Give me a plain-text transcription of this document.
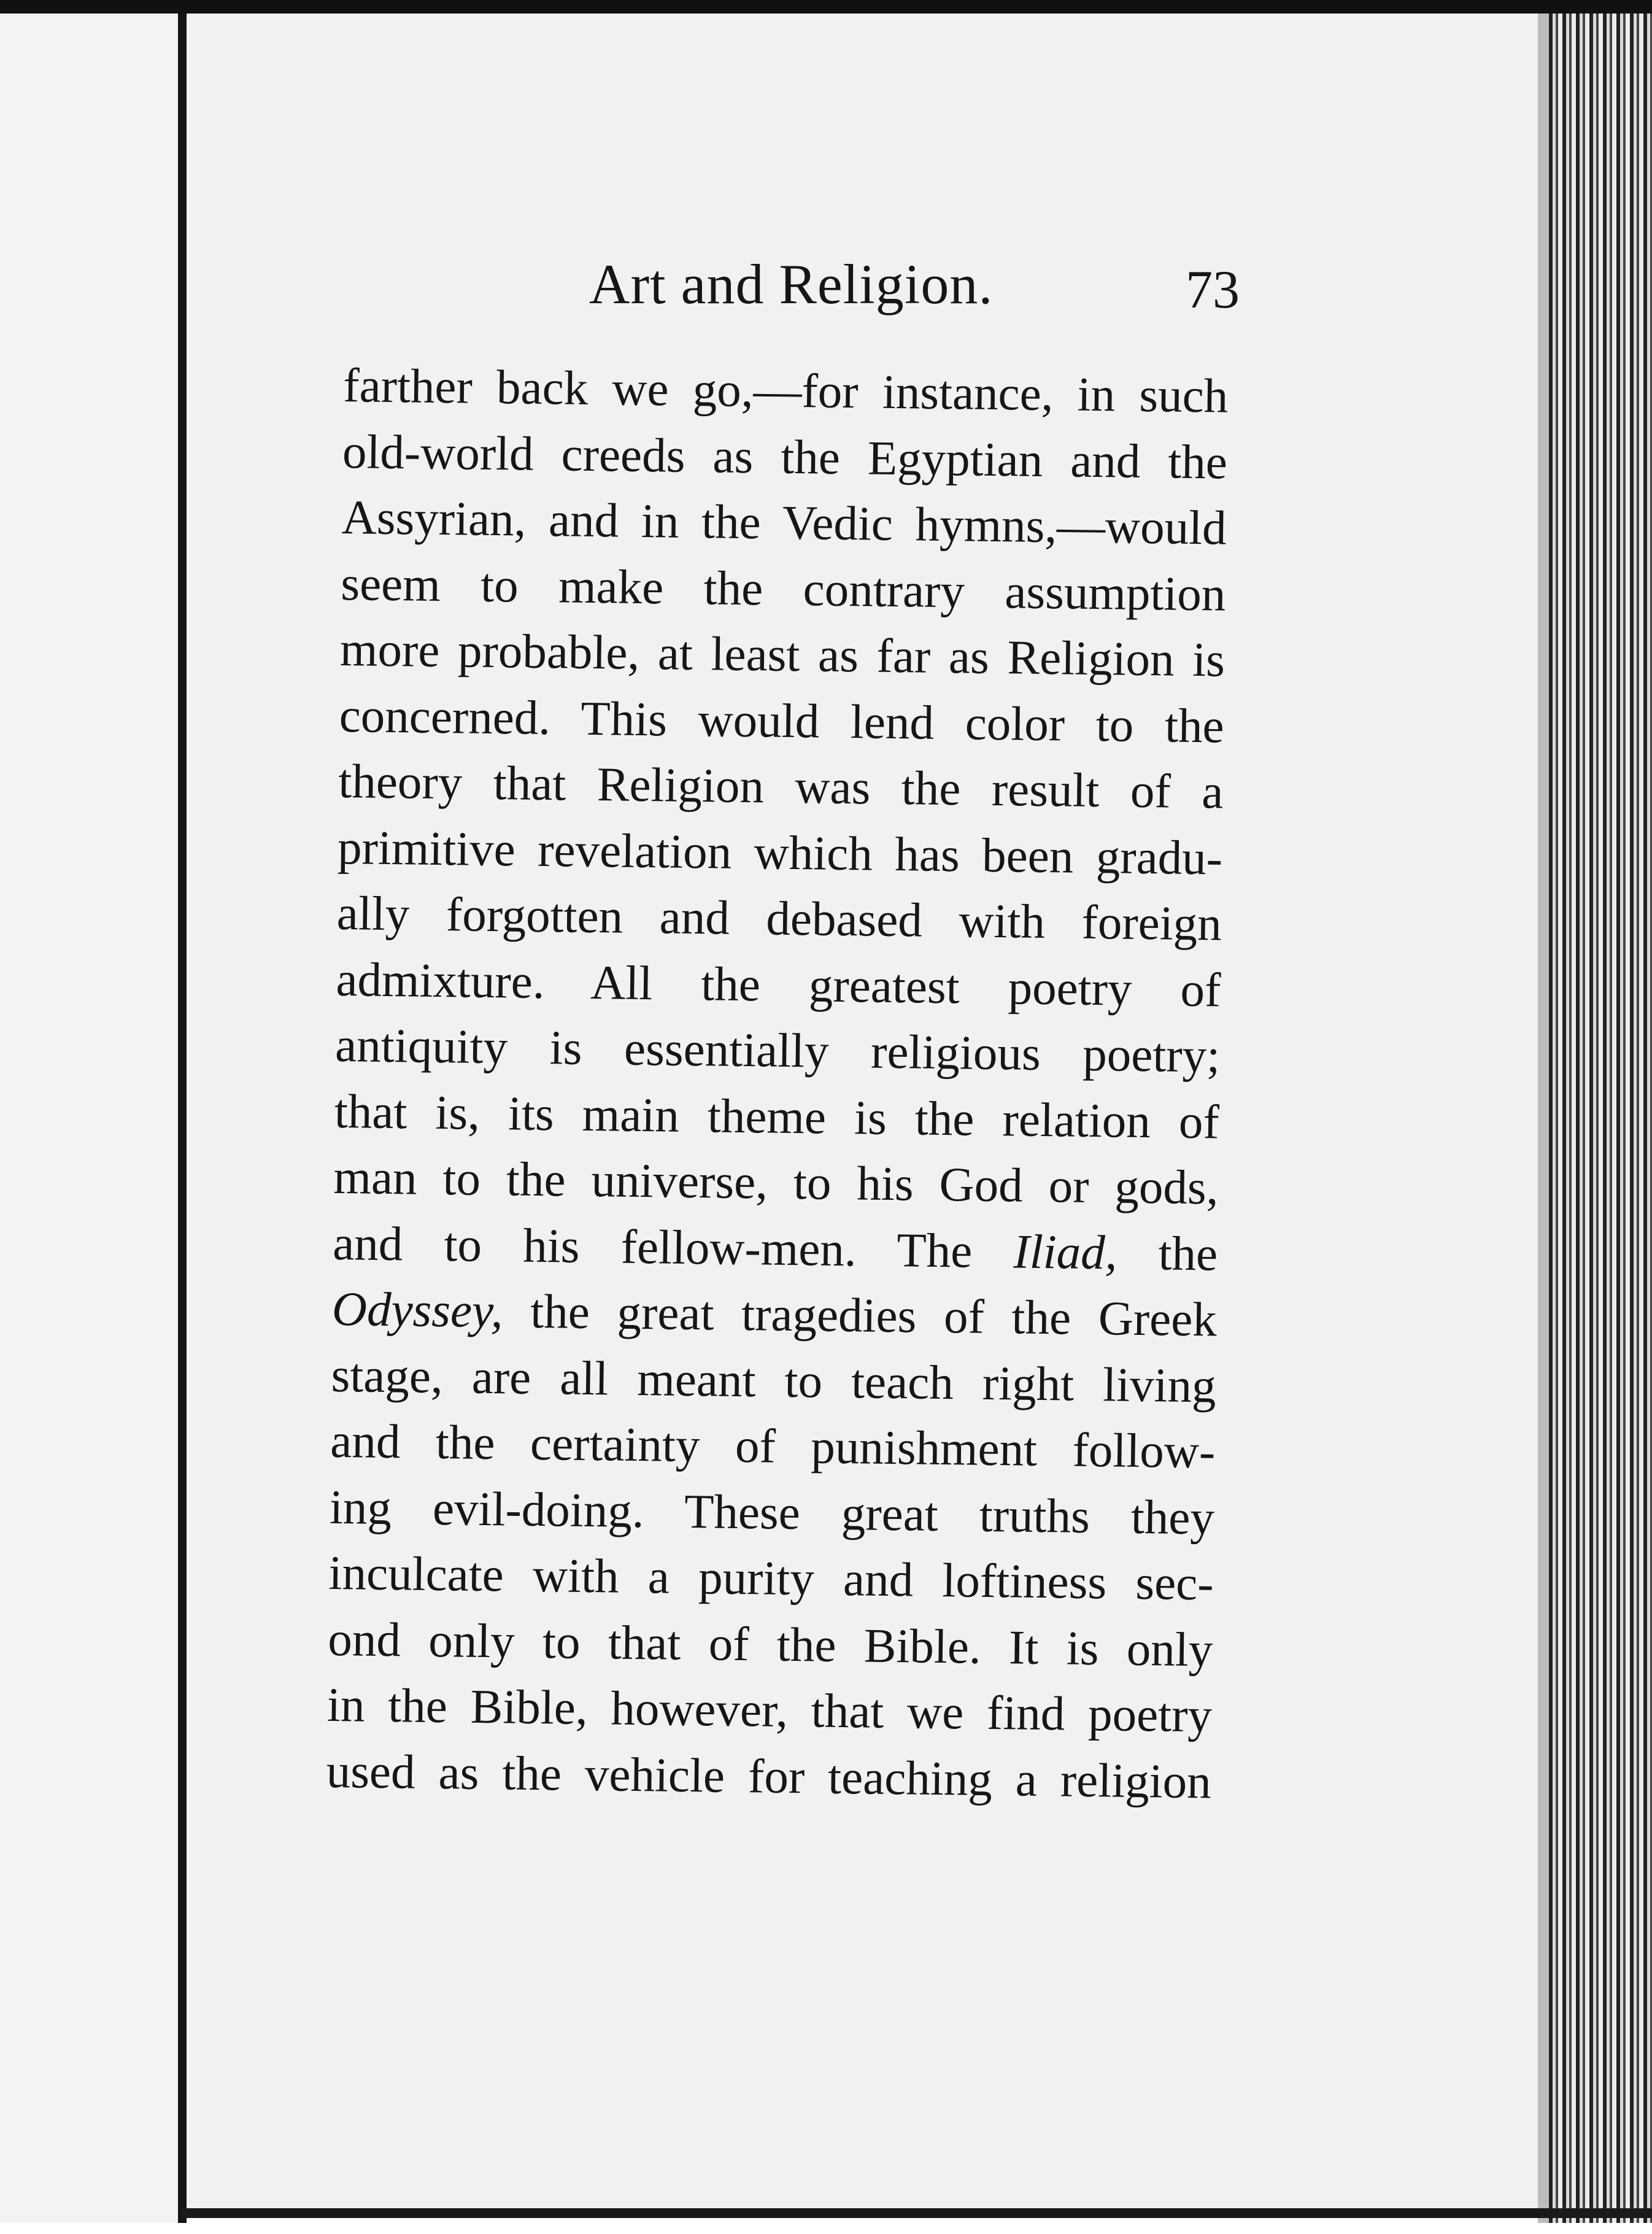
Art and Religion.	73
farther back we go,—for instance, in such
old-world creeds as the Egyptian and the
Assyrian, and in the Vedic hymns,—would
seem to make the contrary assumption
more probable, at least as far as Religion is
concerned. This would lend color to the
theory that Religion was the result of a
primitive revelation which has been gradu-
ally forgotten and debased with foreign
admixture. All the greatest poetry of
antiquity is essentially religious poetry;
that is, its main theme is the relation of
man to the universe, to his God or gods,
and to his fellow-men. The Iliad, the
Odyssey, the great tragedies of the Greek
stage, are all meant to teach right living
and the certainty of punishment follow-
ing evil-doing. These great truths they
inculcate with a purity and loftiness sec-
ond only to that of the Bible. It is only
in the Bible, however, that we find poetry
used as the vehicle for teaching a religion
